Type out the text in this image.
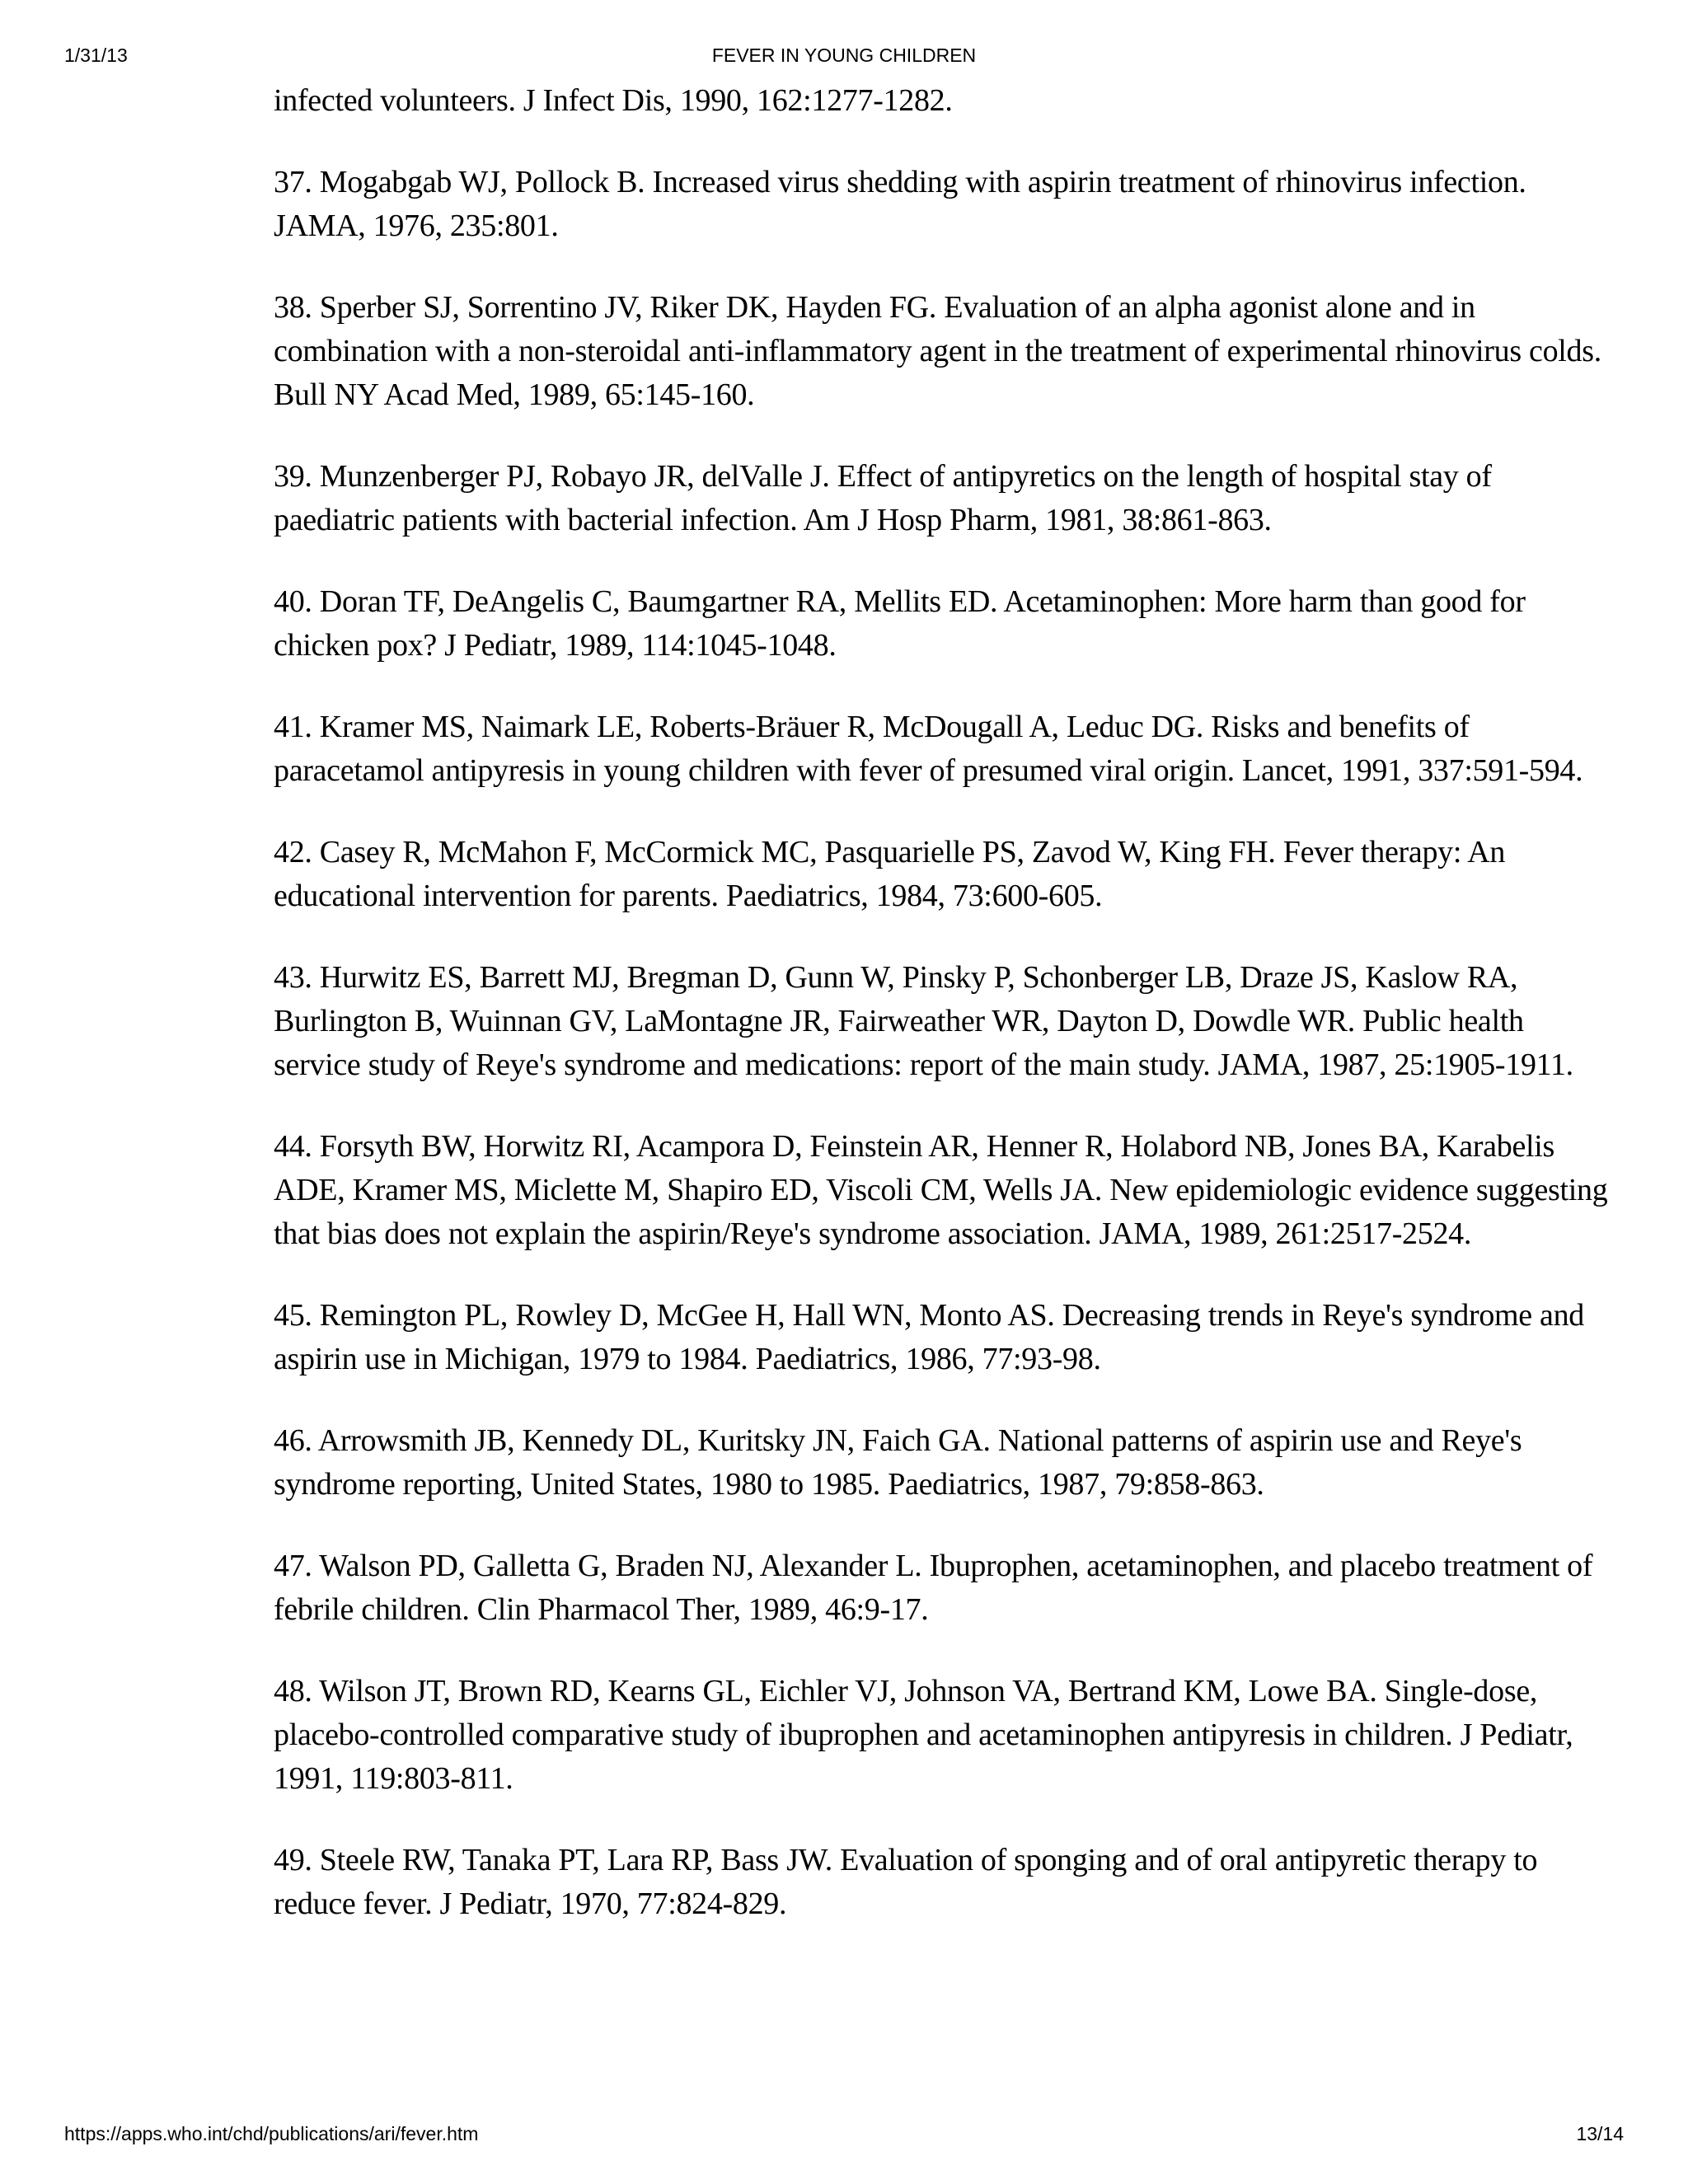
1/31/13	FEVER IN YOUNG CHILDREN

infected volunteers. J Infect Dis, 1990, 162:1277-1282.

37. Mogabgab WJ, Pollock B. Increased virus shedding with aspirin treatment of rhinovirus infection. JAMA, 1976, 235:801.

38. Sperber SJ, Sorrentino JV, Riker DK, Hayden FG. Evaluation of an alpha agonist alone and in combination with a non-steroidal anti-inflammatory agent in the treatment of experimental rhinovirus colds. Bull NY Acad Med, 1989, 65:145-160.

39. Munzenberger PJ, Robayo JR, delValle J. Effect of antipyretics on the length of hospital stay of paediatric patients with bacterial infection. Am J Hosp Pharm, 1981, 38:861-863.

40. Doran TF, DeAngelis C, Baumgartner RA, Mellits ED. Acetaminophen: More harm than good for chicken pox? J Pediatr, 1989, 114:1045-1048.

41. Kramer MS, Naimark LE, Roberts-Bräuer R, McDougall A, Leduc DG. Risks and benefits of paracetamol antipyresis in young children with fever of presumed viral origin. Lancet, 1991, 337:591-594.

42. Casey R, McMahon F, McCormick MC, Pasquarielle PS, Zavod W, King FH. Fever therapy: An educational intervention for parents. Paediatrics, 1984, 73:600-605.

43. Hurwitz ES, Barrett MJ, Bregman D, Gunn W, Pinsky P, Schonberger LB, Draze JS, Kaslow RA, Burlington B, Wuinnan GV, LaMontagne JR, Fairweather WR, Dayton D, Dowdle WR. Public health service study of Reye's syndrome and medications: report of the main study. JAMA, 1987, 25:1905-1911.

44. Forsyth BW, Horwitz RI, Acampora D, Feinstein AR, Henner R, Holabord NB, Jones BA, Karabelis ADE, Kramer MS, Miclette M, Shapiro ED, Viscoli CM, Wells JA. New epidemiologic evidence suggesting that bias does not explain the aspirin/Reye's syndrome association. JAMA, 1989, 261:2517-2524.

45. Remington PL, Rowley D, McGee H, Hall WN, Monto AS. Decreasing trends in Reye's syndrome and aspirin use in Michigan, 1979 to 1984. Paediatrics, 1986, 77:93-98.

46. Arrowsmith JB, Kennedy DL, Kuritsky JN, Faich GA. National patterns of aspirin use and Reye's syndrome reporting, United States, 1980 to 1985. Paediatrics, 1987, 79:858-863.

47. Walson PD, Galletta G, Braden NJ, Alexander L. Ibuprophen, acetaminophen, and placebo treatment of febrile children. Clin Pharmacol Ther, 1989, 46:9-17.

48. Wilson JT, Brown RD, Kearns GL, Eichler VJ, Johnson VA, Bertrand KM, Lowe BA. Single-dose, placebo-controlled comparative study of ibuprophen and acetaminophen antipyresis in children. J Pediatr, 1991, 119:803-811.

49. Steele RW, Tanaka PT, Lara RP, Bass JW. Evaluation of sponging and of oral antipyretic therapy to reduce fever. J Pediatr, 1970, 77:824-829.

https://apps.who.int/chd/publications/ari/fever.htm	13/14
